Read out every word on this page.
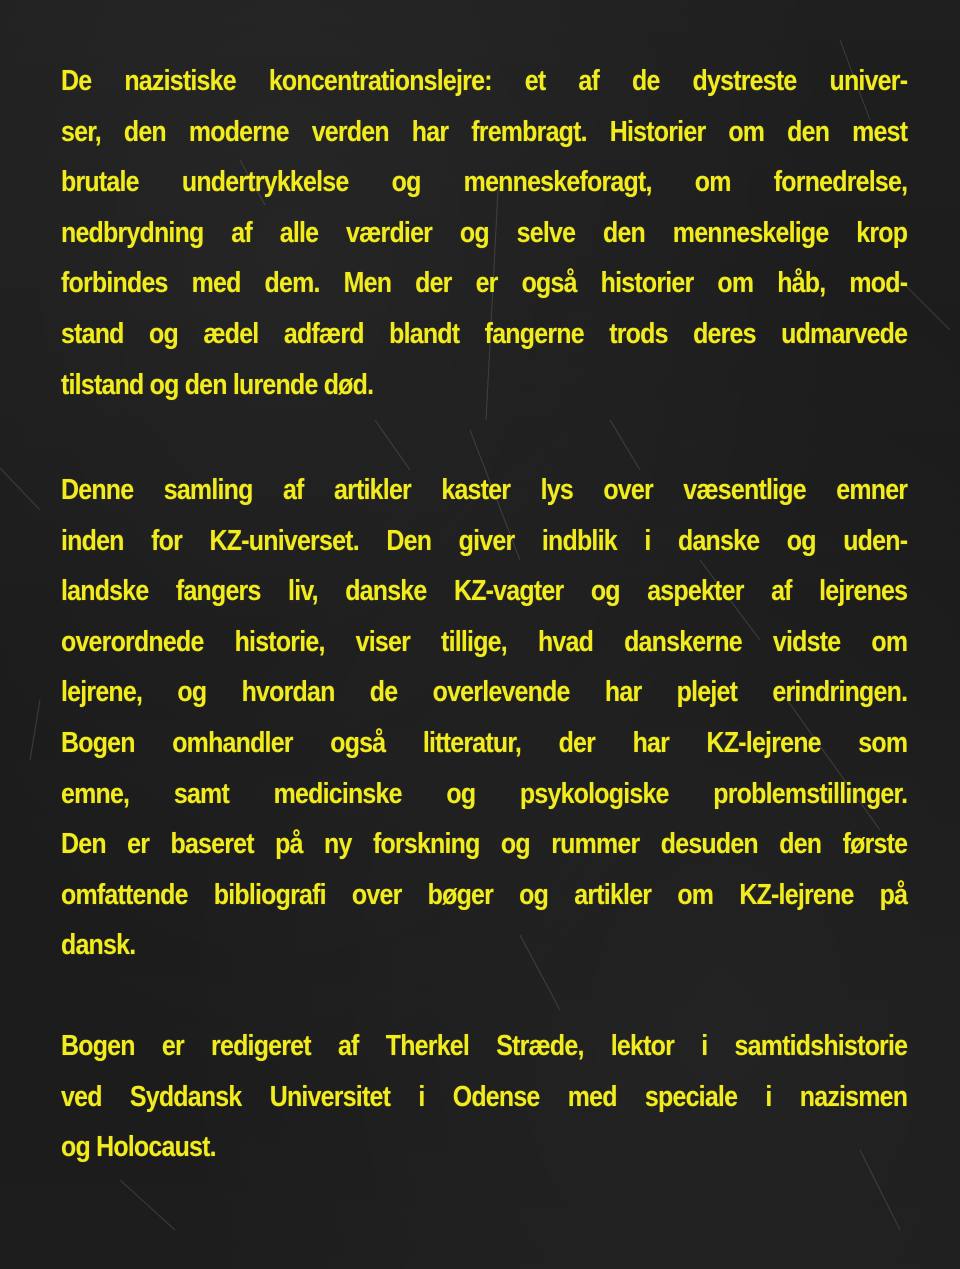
De nazistiske koncentrationslejre: et af de dystreste univer-
ser, den moderne verden har frembragt. Historier om den mest
brutale undertrykkelse og menneskeforagt, om fornedrelse,
nedbrydning af alle værdier og selve den menneskelige krop
forbindes med dem. Men der er også historier om håb, mod-
stand og ædel adfærd blandt fangerne trods deres udmarvede
tilstand og den lurende død.

Denne samling af artikler kaster lys over væsentlige emner
inden for KZ-universet. Den giver indblik i danske og uden-
landske fangers liv, danske KZ-vagter og aspekter af lejrenes
overordnede historie, viser tillige, hvad danskerne vidste om
lejrene, og hvordan de overlevende har plejet erindringen.
Bogen omhandler også litteratur, der har KZ-lejrene som
emne, samt medicinske og psykologiske problemstillinger.
Den er baseret på ny forskning og rummer desuden den første
omfattende bibliografi over bøger og artikler om KZ-lejrene på
dansk.

Bogen er redigeret af Therkel Stræde, lektor i samtidshistorie
ved Syddansk Universitet i Odense med speciale i nazismen
og Holocaust.
